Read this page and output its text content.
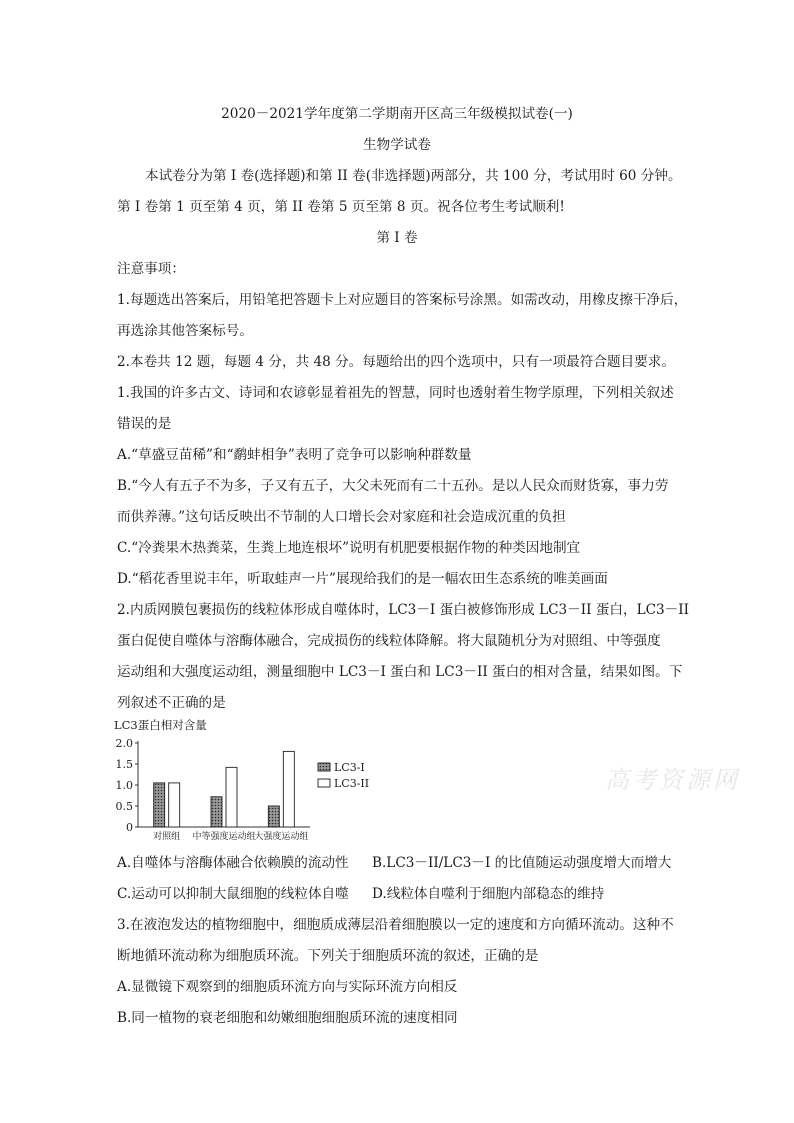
2020－2021学年度第二学期南开区高三年级模拟试卷(一)
生物学试卷
本试卷分为第 I 卷(选择题)和第 II 卷(非选择题)两部分，共 100 分，考试用时 60 分钟。
第 I 卷第 1 页至第 4 页，第 II 卷第 5 页至第 8 页。祝各位考生考试顺利!
第 I 卷
注意事项：
1.每题选出答案后，用铅笔把答题卡上对应题目的答案标号涂黑。如需改动，用橡皮擦干净后，
再选涂其他答案标号。
2.本卷共 12 题，每题 4 分，共 48 分。每题给出的四个选项中，只有一项最符合题目要求。
1.我国的许多古文、诗词和农谚彰显着祖先的智慧，同时也透射着生物学原理，下列相关叙述
错误的是
A.“草盛豆苗稀”和“鹬蚌相争”表明了竞争可以影响种群数量
B.“今人有五子不为多，子又有五子，大父未死而有二十五孙。是以人民众而财货寡，事力劳
而供养薄。”这句话反映出不节制的人口增长会对家庭和社会造成沉重的负担
C.“冷粪果木热粪菜，生粪上地连根坏”说明有机肥要根据作物的种类因地制宜
D.“稻花香里说丰年，听取蛙声一片”展现给我们的是一幅农田生态系统的唯美画面
2.内质网膜包裹损伤的线粒体形成自噬体时，LC3－I 蛋白被修饰形成 LC3－II 蛋白，LC3－II
蛋白促使自噬体与溶酶体融合，完成损伤的线粒体降解。将大鼠随机分为对照组、中等强度
运动组和大强度运动组，测量细胞中 LC3－I 蛋白和 LC3－II 蛋白的相对含量，结果如图。下
列叙述不正确的是
LC3蛋白相对含量
0
0.5
1.0
1.5
2.0
对照组 中等强度运动组
大强度运动组
LC3-I
LC3-II	高考资源网
A.自噬体与溶酶体融合依赖膜的流动性 B.LC3－II/LC3－I 的比值随运动强度增大而增大
C.运动可以抑制大鼠细胞的线粒体自噬 D.线粒体自噬利于细胞内部稳态的维持
3.在液泡发达的植物细胞中，细胞质成薄层沿着细胞膜以一定的速度和方向循环流动。这种不
断地循环流动称为细胞质环流。下列关于细胞质环流的叙述，正确的是
A.显微镜下观察到的细胞质环流方向与实际环流方向相反
B.同一植物的衰老细胞和幼嫩细胞细胞质环流的速度相同
